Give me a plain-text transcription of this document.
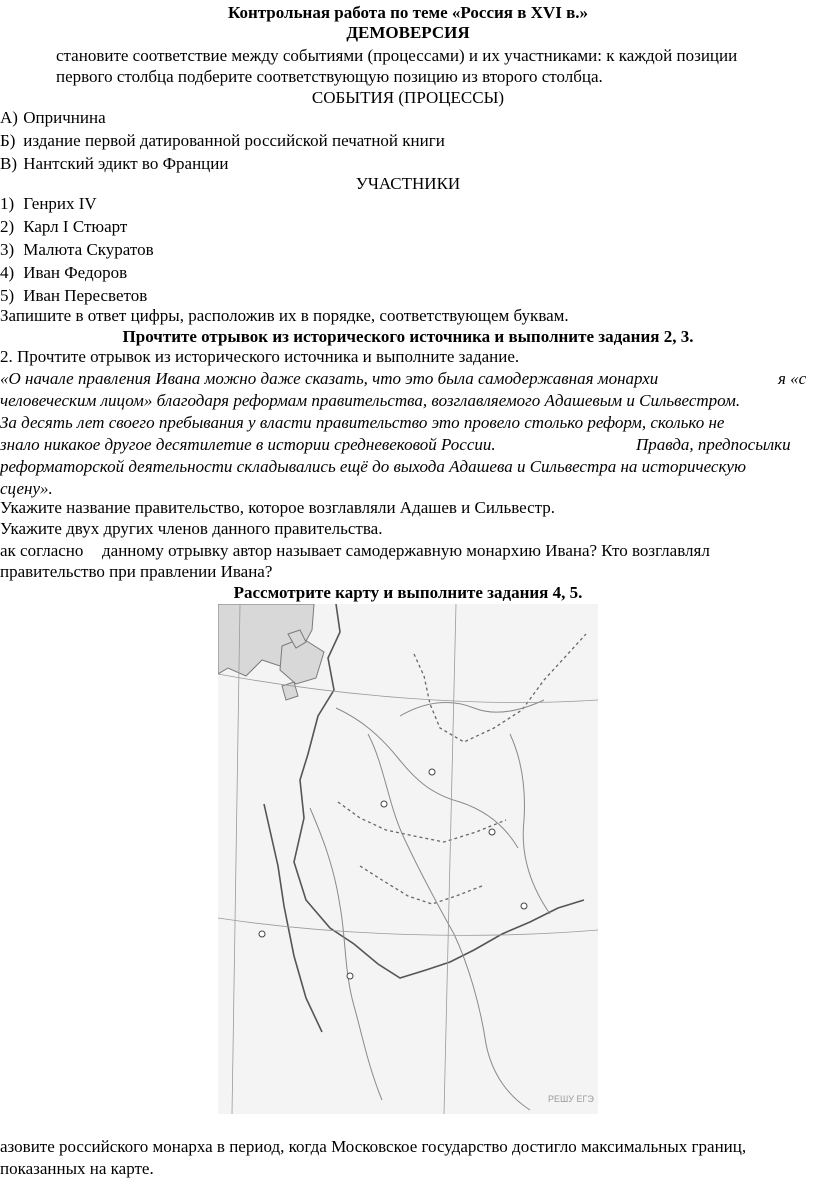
Контрольная работа по теме «Россия в XVI в.»
ДЕМОВЕРСИЯ
становите соответствие между событиями (процессами) и их участниками: к каждой позиции
первого столбца подберите соответствующую позицию из второго столбца.
СОБЫТИЯ (ПРОЦЕССЫ)
А)
Опричнина
Б)
издание первой датированной российской печатной книги
В)
Нантский эдикт во Франции
УЧАСТНИКИ
1)
Генрих IV
2)
Карл I Стюарт
3)
Малюта Скуратов
4)
Иван Федоров
5)
Иван Пересветов
Запишите в ответ цифры, расположив их в порядке, соответствующем буквам.
Прочтите отрывок из исторического источника и выполните задания 2, 3.
2. Прочтите отрывок из исторического источника и выполните задание.
«О начале правления Ивана можно даже сказать, что это была самодержавная монархи	я «с
человеческим лицом» благодаря реформам правительства, возглавляемого Адашевым и Сильвестром.
За десять лет своего пребывания у власти правительство это провело столько реформ, сколько не
знало никакое другое десятилетие в истории средневековой России.	Правда, предпосылки
реформаторской деятельности складывались ещё до выхода Адашева и Сильвестра на историческую
сцену».
Укажите название правительство, которое возглавляли Адашев и Сильвестр.
Укажите двух других членов данного правительства.
ак согласно данному отрывку автор называет самодержавную монархию Ивана? Кто возглавлял
правительство при правлении Ивана?
Рассмотрите карту и выполните задания 4, 5.
РЕШУ ЕГЭ
азовите российского монарха в период, когда Московское государство достигло максимальных границ,
показанных на карте.
